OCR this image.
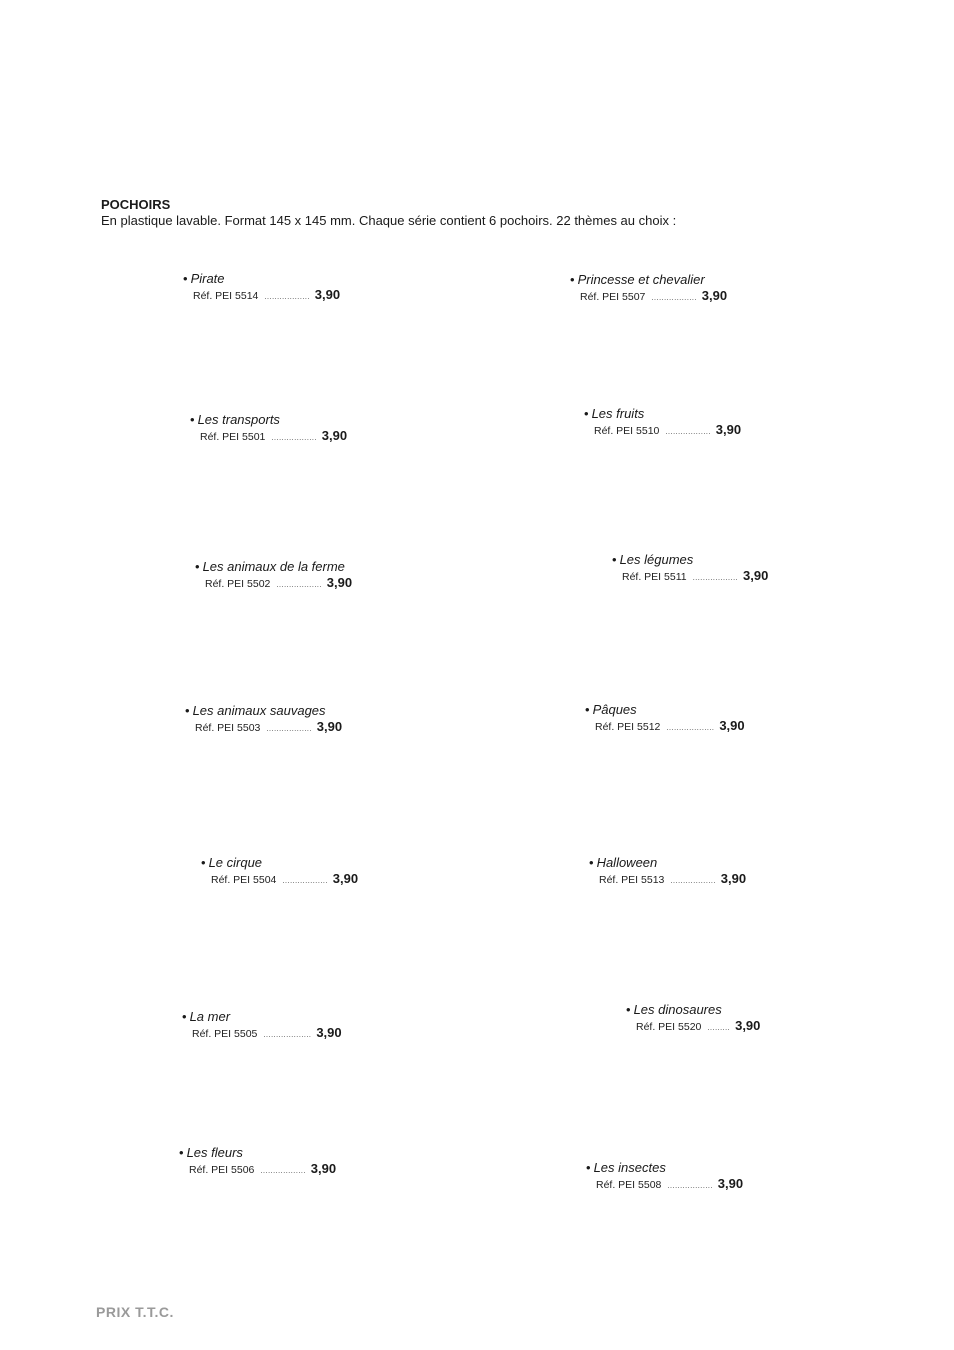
POCHOIRS
En plastique lavable. Format 145 x 145 mm. Chaque série contient 6 pochoirs. 22 thèmes au choix :
• Pirate
Réf. PEI 5514 .................. 3,90
• Princesse et chevalier
Réf. PEI 5507 .................. 3,90
• Les transports
Réf. PEI 5501 .................. 3,90
• Les fruits
Réf. PEI 5510 .................. 3,90
• Les animaux de la ferme
Réf. PEI 5502 .................. 3,90
• Les légumes
Réf. PEI 5511 .................. 3,90
• Les animaux sauvages
Réf. PEI 5503 .................. 3,90
• Pâques
Réf. PEI 5512 ................... 3,90
• Le cirque
Réf. PEI 5504 .................. 3,90
• Halloween
Réf. PEI 5513 .................. 3,90
• La mer
Réf. PEI 5505 ................... 3,90
• Les dinosaures
Réf. PEI 5520 ......... 3,90
• Les fleurs
Réf. PEI 5506 .................. 3,90	• Les insectes
Réf. PEI 5508 .................. 3,90
PRIX T.T.C.
